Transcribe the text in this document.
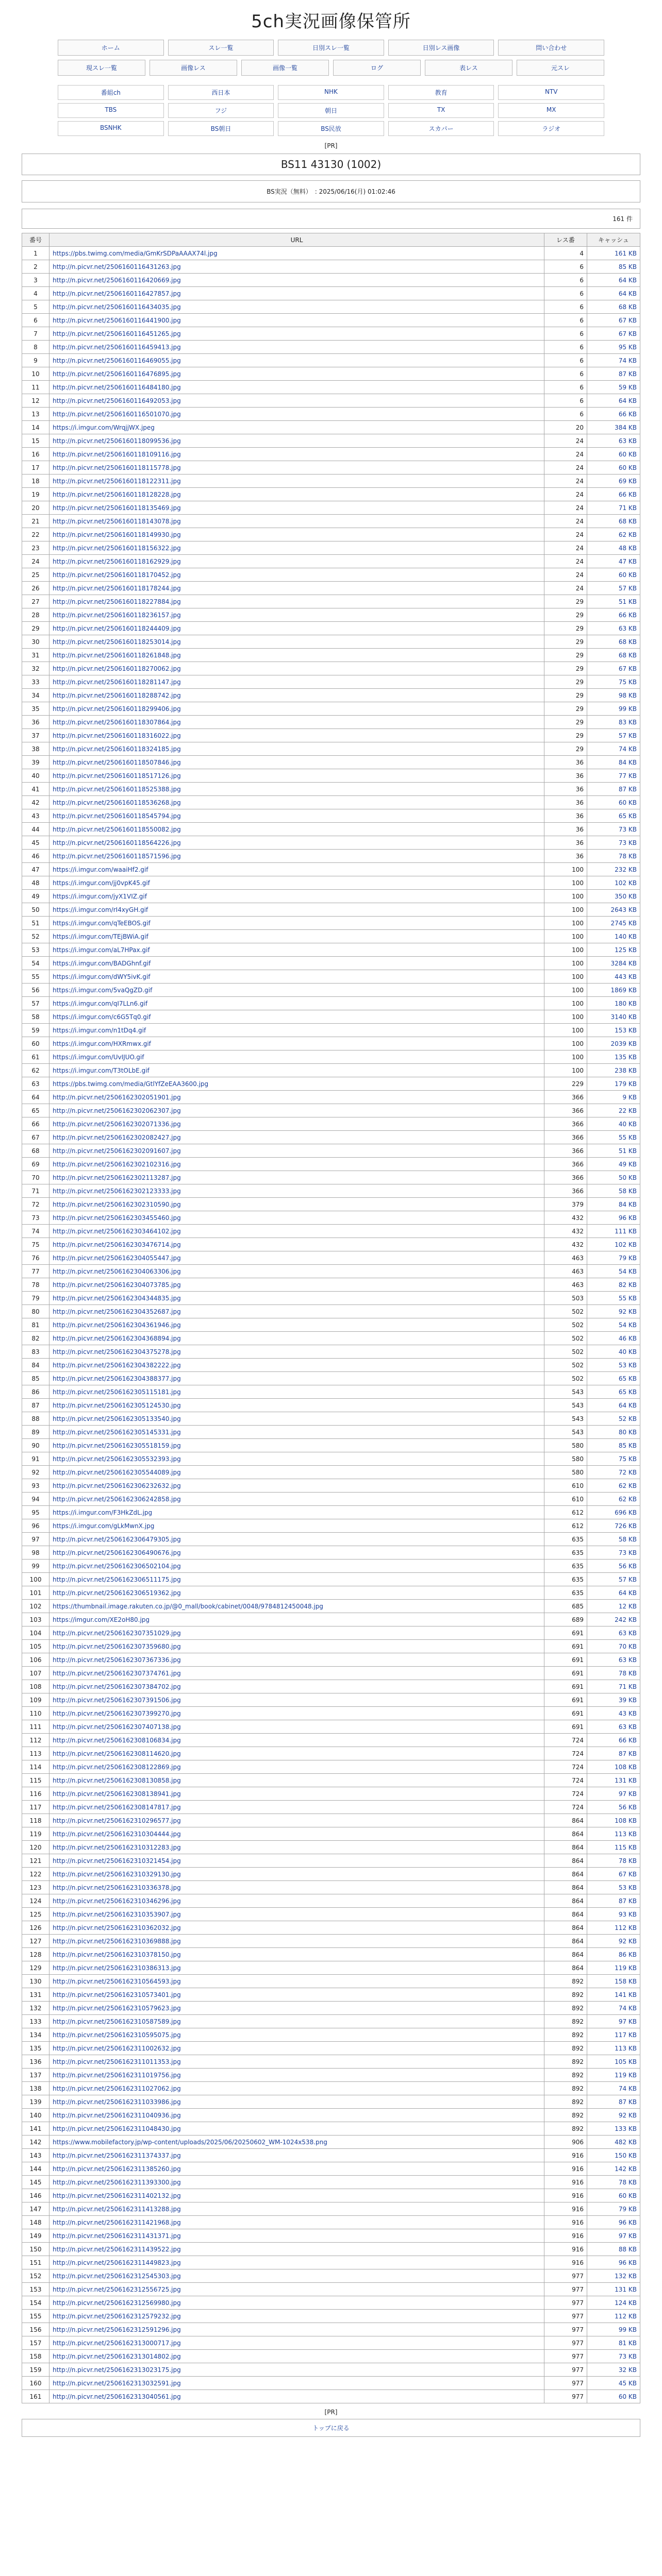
5ch実況画像保管所
ホーム	スレ一覧	日別スレ一覧	日別レス画像	問い合わせ
現スレ一覧	画像レス	画像一覧	ログ	表レス	元スレ
番組ch	西日本	NHK	教育	NTV
TBS	フジ	朝日	TX	MX
BSNHK	BS朝日	BS民放	スカパー	ラジオ
[PR]
BS11 43130 (1002)
BS実況（無料）　: 2025/06/16(月) 01:02:46
161 件
番号	URL	レス番	キャッシュ
1	https://pbs.twimg.com/media/GmKrSDPaAAAX74l.jpg	4	161 KB
2	http://n.picvr.net/2506160116431263.jpg	6	85 KB
3	http://n.picvr.net/2506160116420669.jpg	6	64 KB
4	http://n.picvr.net/2506160116427857.jpg	6	64 KB
5	http://n.picvr.net/2506160116434035.jpg	6	68 KB
6	http://n.picvr.net/2506160116441900.jpg	6	67 KB
7	http://n.picvr.net/2506160116451265.jpg	6	67 KB
8	http://n.picvr.net/2506160116459413.jpg	6	95 KB
9	http://n.picvr.net/2506160116469055.jpg	6	74 KB
10	http://n.picvr.net/2506160116476895.jpg	6	87 KB
11	http://n.picvr.net/2506160116484180.jpg	6	59 KB
12	http://n.picvr.net/2506160116492053.jpg	6	64 KB
13	http://n.picvr.net/2506160116501070.jpg	6	66 KB
14	https://i.imgur.com/WrqjjWX.jpeg	20	384 KB
15	http://n.picvr.net/2506160118099536.jpg	24	63 KB
16	http://n.picvr.net/2506160118109116.jpg	24	60 KB
17	http://n.picvr.net/2506160118115778.jpg	24	60 KB
18	http://n.picvr.net/2506160118122311.jpg	24	69 KB
19	http://n.picvr.net/2506160118128228.jpg	24	66 KB
20	http://n.picvr.net/2506160118135469.jpg	24	71 KB
21	http://n.picvr.net/2506160118143078.jpg	24	68 KB
22	http://n.picvr.net/2506160118149930.jpg	24	62 KB
23	http://n.picvr.net/2506160118156322.jpg	24	48 KB
24	http://n.picvr.net/2506160118162929.jpg	24	47 KB
25	http://n.picvr.net/2506160118170452.jpg	24	60 KB
26	http://n.picvr.net/2506160118178244.jpg	24	57 KB
27	http://n.picvr.net/2506160118227884.jpg	29	51 KB
28	http://n.picvr.net/2506160118236157.jpg	29	66 KB
29	http://n.picvr.net/2506160118244409.jpg	29	63 KB
30	http://n.picvr.net/2506160118253014.jpg	29	68 KB
31	http://n.picvr.net/2506160118261848.jpg	29	68 KB
32	http://n.picvr.net/2506160118270062.jpg	29	67 KB
33	http://n.picvr.net/2506160118281147.jpg	29	75 KB
34	http://n.picvr.net/2506160118288742.jpg	29	98 KB
35	http://n.picvr.net/2506160118299406.jpg	29	99 KB
36	http://n.picvr.net/2506160118307864.jpg	29	83 KB
37	http://n.picvr.net/2506160118316022.jpg	29	57 KB
38	http://n.picvr.net/2506160118324185.jpg	29	74 KB
39	http://n.picvr.net/2506160118507846.jpg	36	84 KB
40	http://n.picvr.net/2506160118517126.jpg	36	77 KB
41	http://n.picvr.net/2506160118525388.jpg	36	87 KB
42	http://n.picvr.net/2506160118536268.jpg	36	60 KB
43	http://n.picvr.net/2506160118545794.jpg	36	65 KB
44	http://n.picvr.net/2506160118550082.jpg	36	73 KB
45	http://n.picvr.net/2506160118564226.jpg	36	73 KB
46	http://n.picvr.net/2506160118571596.jpg	36	78 KB
47	https://i.imgur.com/waaiHf2.gif	100	232 KB
48	https://i.imgur.com/jj0vpK45.gif	100	102 KB
49	https://i.imgur.com/jyX1VIZ.gif	100	350 KB
50	https://i.imgur.com/rI4xyGH.gif	100	2643 KB
51	https://i.imgur.com/qTeEBOS.gif	100	2745 KB
52	https://i.imgur.com/TEjBWiA.gif	100	140 KB
53	https://i.imgur.com/aL7HPax.gif	100	125 KB
54	https://i.imgur.com/BADGhnf.gif	100	3284 KB
55	https://i.imgur.com/dWY5ivK.gif	100	443 KB
56	https://i.imgur.com/5vaQgZD.gif	100	1869 KB
57	https://i.imgur.com/qI7LLn6.gif	100	180 KB
58	https://i.imgur.com/c6G5Tq0.gif	100	3140 KB
59	https://i.imgur.com/n1tDq4.gif	100	153 KB
60	https://i.imgur.com/HXRmwx.gif	100	2039 KB
61	https://i.imgur.com/UvIJUO.gif	100	135 KB
62	https://i.imgur.com/T3tOLbE.gif	100	238 KB
63	https://pbs.twimg.com/media/GtlYfZeEAA3600.jpg	229	179 KB
64	http://n.picvr.net/2506162302051901.jpg	366	9 KB
65	http://n.picvr.net/2506162302062307.jpg	366	22 KB
66	http://n.picvr.net/2506162302071336.jpg	366	40 KB
67	http://n.picvr.net/2506162302082427.jpg	366	55 KB
68	http://n.picvr.net/2506162302091607.jpg	366	51 KB
69	http://n.picvr.net/2506162302102316.jpg	366	49 KB
70	http://n.picvr.net/2506162302113287.jpg	366	50 KB
71	http://n.picvr.net/2506162302123333.jpg	366	58 KB
72	http://n.picvr.net/2506162302310590.jpg	379	84 KB
73	http://n.picvr.net/2506162303455460.jpg	432	96 KB
74	http://n.picvr.net/2506162303464102.jpg	432	111 KB
75	http://n.picvr.net/2506162303476714.jpg	432	102 KB
76	http://n.picvr.net/2506162304055447.jpg	463	79 KB
77	http://n.picvr.net/2506162304063306.jpg	463	54 KB
78	http://n.picvr.net/2506162304073785.jpg	463	82 KB
79	http://n.picvr.net/2506162304344835.jpg	503	55 KB
80	http://n.picvr.net/2506162304352687.jpg	502	92 KB
81	http://n.picvr.net/2506162304361946.jpg	502	54 KB
82	http://n.picvr.net/2506162304368894.jpg	502	46 KB
83	http://n.picvr.net/2506162304375278.jpg	502	40 KB
84	http://n.picvr.net/2506162304382222.jpg	502	53 KB
85	http://n.picvr.net/2506162304388377.jpg	502	65 KB
86	http://n.picvr.net/2506162305115181.jpg	543	65 KB
87	http://n.picvr.net/2506162305124530.jpg	543	64 KB
88	http://n.picvr.net/2506162305133540.jpg	543	52 KB
89	http://n.picvr.net/2506162305145331.jpg	543	80 KB
90	http://n.picvr.net/2506162305518159.jpg	580	85 KB
91	http://n.picvr.net/2506162305532393.jpg	580	75 KB
92	http://n.picvr.net/2506162305544089.jpg	580	72 KB
93	http://n.picvr.net/2506162306232632.jpg	610	62 KB
94	http://n.picvr.net/2506162306242858.jpg	610	62 KB
95	https://i.imgur.com/F3HkZdL.jpg	612	696 KB
96	https://i.imgur.com/gLkMwnX.jpg	612	726 KB
97	http://n.picvr.net/2506162306479305.jpg	635	58 KB
98	http://n.picvr.net/2506162306490676.jpg	635	73 KB
99	http://n.picvr.net/2506162306502104.jpg	635	56 KB
100	http://n.picvr.net/2506162306511175.jpg	635	57 KB
101	http://n.picvr.net/2506162306519362.jpg	635	64 KB
102	https://thumbnail.image.rakuten.co.jp/@0_mall/book/cabinet/0048/9784812450048.jpg	685	12 KB
103	https://imgur.com/XE2oH80.jpg	689	242 KB
104	http://n.picvr.net/2506162307351029.jpg	691	63 KB
105	http://n.picvr.net/2506162307359680.jpg	691	70 KB
106	http://n.picvr.net/2506162307367336.jpg	691	63 KB
107	http://n.picvr.net/2506162307374761.jpg	691	78 KB
108	http://n.picvr.net/2506162307384702.jpg	691	71 KB
109	http://n.picvr.net/2506162307391506.jpg	691	39 KB
110	http://n.picvr.net/2506162307399270.jpg	691	43 KB
111	http://n.picvr.net/2506162307407138.jpg	691	63 KB
112	http://n.picvr.net/2506162308106834.jpg	724	66 KB
113	http://n.picvr.net/2506162308114620.jpg	724	87 KB
114	http://n.picvr.net/2506162308122869.jpg	724	108 KB
115	http://n.picvr.net/2506162308130858.jpg	724	131 KB
116	http://n.picvr.net/2506162308138941.jpg	724	97 KB
117	http://n.picvr.net/2506162308147817.jpg	724	56 KB
118	http://n.picvr.net/2506162310296577.jpg	864	108 KB
119	http://n.picvr.net/2506162310304444.jpg	864	113 KB
120	http://n.picvr.net/2506162310312283.jpg	864	115 KB
121	http://n.picvr.net/2506162310321454.jpg	864	78 KB
122	http://n.picvr.net/2506162310329130.jpg	864	67 KB
123	http://n.picvr.net/2506162310336378.jpg	864	53 KB
124	http://n.picvr.net/2506162310346296.jpg	864	87 KB
125	http://n.picvr.net/2506162310353907.jpg	864	93 KB
126	http://n.picvr.net/2506162310362032.jpg	864	112 KB
127	http://n.picvr.net/2506162310369888.jpg	864	92 KB
128	http://n.picvr.net/2506162310378150.jpg	864	86 KB
129	http://n.picvr.net/2506162310386313.jpg	864	119 KB
130	http://n.picvr.net/2506162310564593.jpg	892	158 KB
131	http://n.picvr.net/2506162310573401.jpg	892	141 KB
132	http://n.picvr.net/2506162310579623.jpg	892	74 KB
133	http://n.picvr.net/2506162310587589.jpg	892	97 KB
134	http://n.picvr.net/2506162310595075.jpg	892	117 KB
135	http://n.picvr.net/2506162311002632.jpg	892	113 KB
136	http://n.picvr.net/2506162311011353.jpg	892	105 KB
137	http://n.picvr.net/2506162311019756.jpg	892	119 KB
138	http://n.picvr.net/2506162311027062.jpg	892	74 KB
139	http://n.picvr.net/2506162311033986.jpg	892	87 KB
140	http://n.picvr.net/2506162311040936.jpg	892	92 KB
141	http://n.picvr.net/2506162311048430.jpg	892	133 KB
142	https://www.mobilefactory.jp/wp-content/uploads/2025/06/20250602_WM-1024x538.png	906	482 KB
143	http://n.picvr.net/2506162311374337.jpg	916	150 KB
144	http://n.picvr.net/2506162311385260.jpg	916	142 KB
145	http://n.picvr.net/2506162311393300.jpg	916	78 KB
146	http://n.picvr.net/2506162311402132.jpg	916	60 KB
147	http://n.picvr.net/2506162311413288.jpg	916	79 KB
148	http://n.picvr.net/2506162311421968.jpg	916	96 KB
149	http://n.picvr.net/2506162311431371.jpg	916	97 KB
150	http://n.picvr.net/2506162311439522.jpg	916	88 KB
151	http://n.picvr.net/2506162311449823.jpg	916	96 KB
152	http://n.picvr.net/2506162312545303.jpg	977	132 KB
153	http://n.picvr.net/2506162312556725.jpg	977	131 KB
154	http://n.picvr.net/2506162312569980.jpg	977	124 KB
155	http://n.picvr.net/2506162312579232.jpg	977	112 KB
156	http://n.picvr.net/2506162312591296.jpg	977	99 KB
157	http://n.picvr.net/2506162313000717.jpg	977	81 KB
158	http://n.picvr.net/2506162313014802.jpg	977	73 KB
159	http://n.picvr.net/2506162313023175.jpg	977	32 KB
160	http://n.picvr.net/2506162313032591.jpg	977	45 KB
161	http://n.picvr.net/2506162313040561.jpg	977	60 KB
[PR]
トップに戻る
